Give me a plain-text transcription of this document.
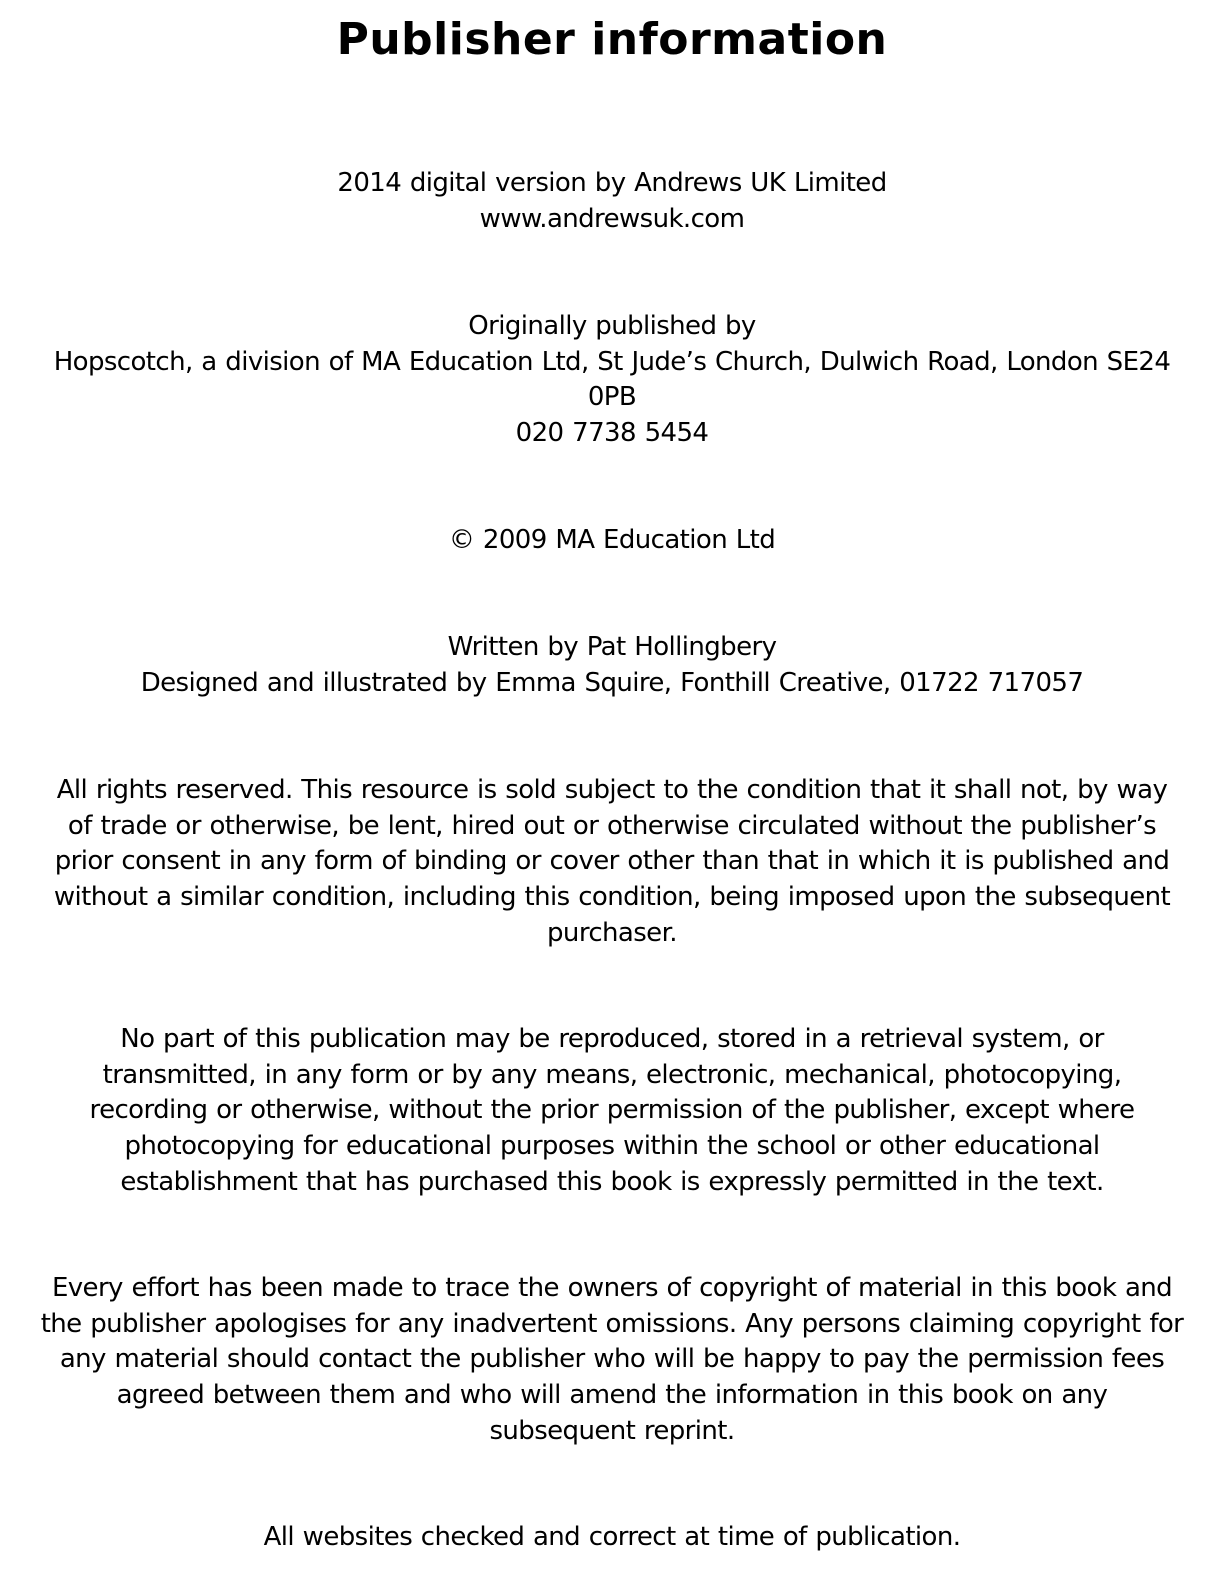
Publisher information
2014 digital version by Andrews UK Limited
www.andrewsuk.com
Originally published by
Hopscotch, a division of MA Education Ltd, St Jude’s Church, Dulwich Road, London SE24
0PB
020 7738 5454
© 2009 MA Education Ltd
Written by Pat Hollingbery
Designed and illustrated by Emma Squire, Fonthill Creative, 01722 717057
All rights reserved. This resource is sold subject to the condition that it shall not, by way
of trade or otherwise, be lent, hired out or otherwise circulated without the publisher’s
prior consent in any form of binding or cover other than that in which it is published and
without a similar condition, including this condition, being imposed upon the subsequent
purchaser.
No part of this publication may be reproduced, stored in a retrieval system, or
transmitted, in any form or by any means, electronic, mechanical, photocopying,
recording or otherwise, without the prior permission of the publisher, except where
photocopying for educational purposes within the school or other educational
establishment that has purchased this book is expressly permitted in the text.
Every effort has been made to trace the owners of copyright of material in this book and
the publisher apologises for any inadvertent omissions. Any persons claiming copyright for
any material should contact the publisher who will be happy to pay the permission fees
agreed between them and who will amend the information in this book on any
subsequent reprint.
All websites checked and correct at time of publication.
